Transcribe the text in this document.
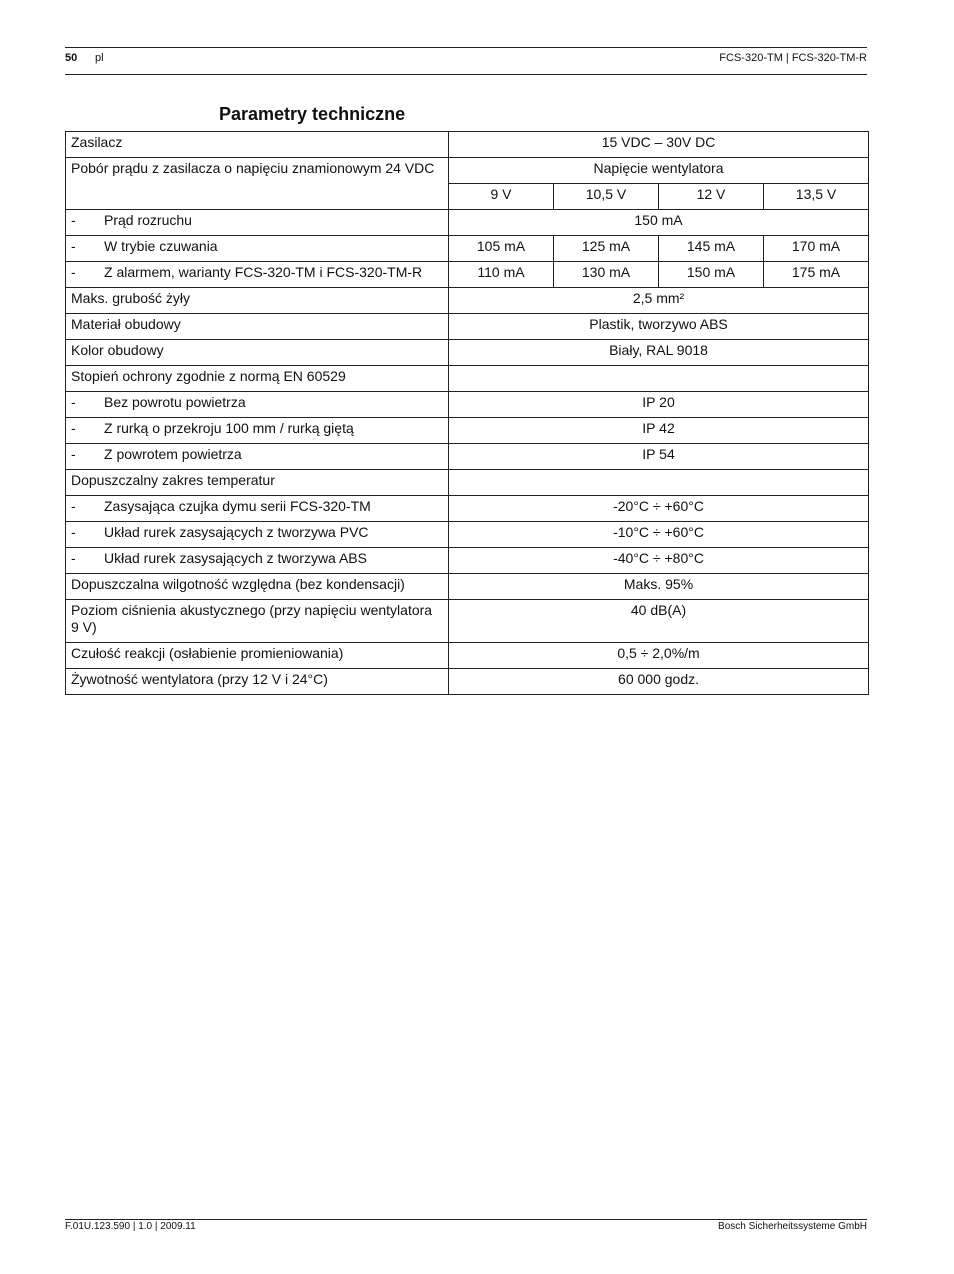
50 pl	FCS-320-TM | FCS-320-TM-R
Parametry techniczne
Zasilacz	15 VDC – 30V DC			
Pobór prądu z zasilacza o napięciu znamionowym 24 VDC	Napięcie wentylatora			
	9 V	10,5 V	12 V	13,5 V
- Prąd rozruchu	150 mA			
- W trybie czuwania	105 mA	125 mA	145 mA	170 mA
- Z alarmem, warianty FCS-320-TM i FCS-320-TM-R	110 mA	130 mA	150 mA	175 mA
Maks. grubość żyły	2,5 mm²			
Materiał obudowy	Plastik, tworzywo ABS			
Kolor obudowy	Biały, RAL 9018			
Stopień ochrony zgodnie z normą EN 60529				
- Bez powrotu powietrza	IP 20			
- Z rurką o przekroju 100 mm / rurką giętą	IP 42			
- Z powrotem powietrza	IP 54			
Dopuszczalny zakres temperatur				
- Zasysająca czujka dymu serii FCS-320-TM	-20°C ÷ +60°C			
- Układ rurek zasysających z tworzywa PVC	-10°C ÷ +60°C			
- Układ rurek zasysających z tworzywa ABS	-40°C ÷ +80°C			
Dopuszczalna wilgotność względna (bez kondensacji)	Maks. 95%			
Poziom ciśnienia akustycznego (przy napięciu wentylatora 9 V)	40 dB(A)			
Czułość reakcji (osłabienie promieniowania)	0,5 ÷ 2,0%/m			
Żywotność wentylatora (przy 12 V i 24°C)	60 000 godz.			
F.01U.123.590 | 1.0 | 2009.11	Bosch Sicherheitssysteme GmbH
